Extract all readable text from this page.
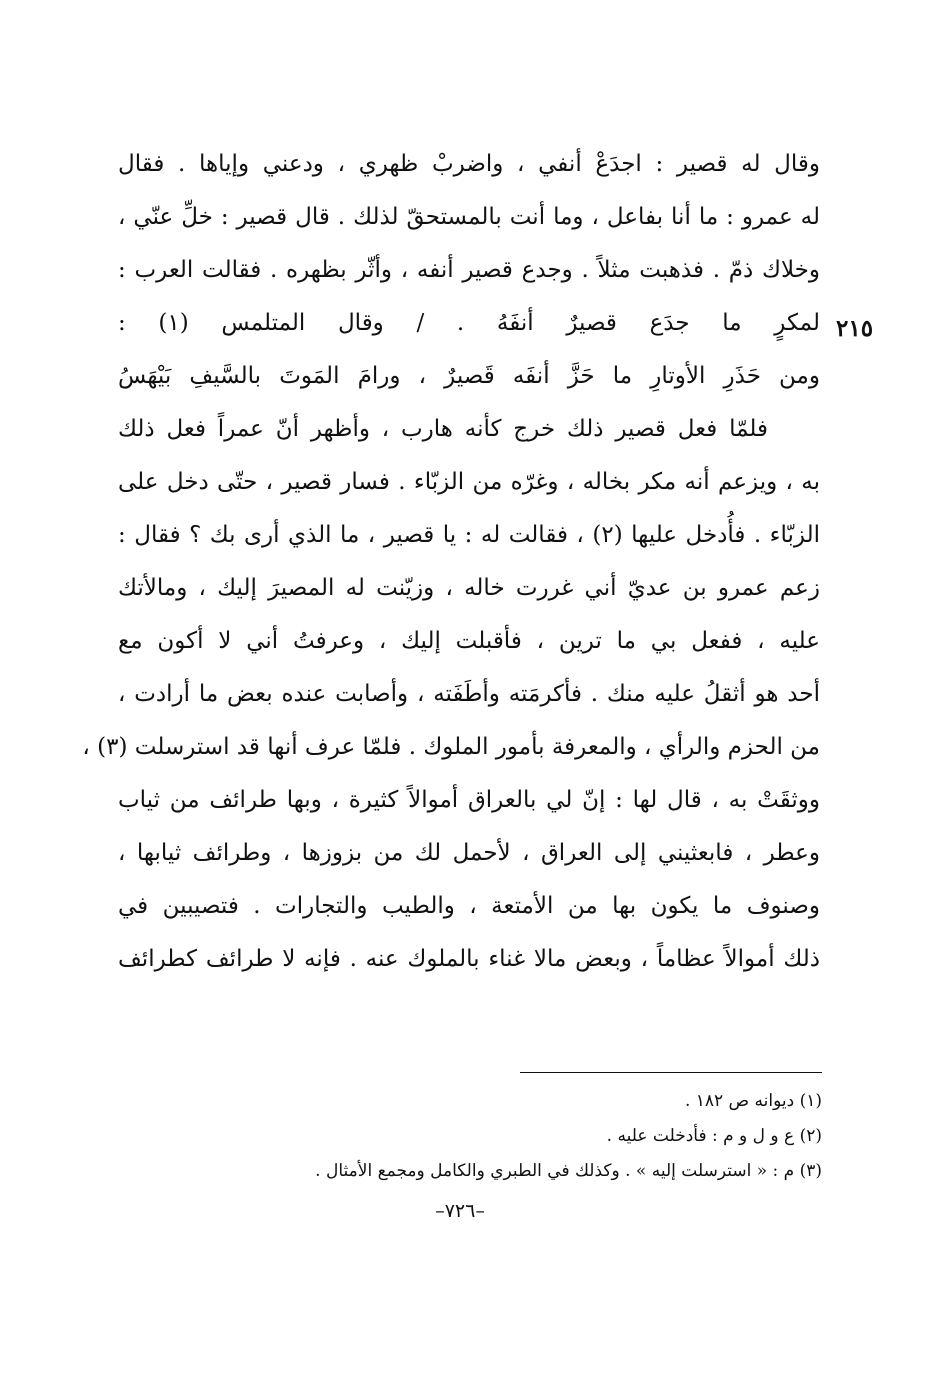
٢١٥
وقال له قصير : اجدَعْ أنفي ، واضربْ ظهري ، ودعني وإياها . فقال
له عمرو : ما أنا بفاعل ، وما أنت بالمستحقّ لذلك . قال قصير : خلِّ عنّي ،
وخلاك ذمّ . فذهبت مثلاً . وجدع قصير أنفه ، وأثّر بظهره . فقالت العرب :
لمكرٍ ما جدَع قصيرٌ أنفَهُ . / وقال المتلمس (١) :
ومن حَذَرِ الأوتارِ ما حَزَّ أنفَه قَصيرٌ ، ورامَ المَوتَ بالسَّيفِ بَيْهَسُ
فلمّا فعل قصير ذلك خرج كأنه هارب ، وأظهر أنّ عمراً فعل ذلك
به ، ويزعم أنه مكر بخاله ، وغرّه من الزبّاء . فسار قصير ، حتّى دخل على
الزبّاء . فأُدخل عليها (٢) ، فقالت له : يا قصير ، ما الذي أرى بك ؟ فقال :
زعم عمرو بن عديّ أني غررت خاله ، وزيّنت له المصيرَ إليك ، ومالأتك
عليه ، ففعل بي ما ترين ، فأقبلت إليك ، وعرفتُ أني لا أكون مع
أحد هو أثقلُ عليه منك . فأكرمَته وأطَفَته ، وأصابت عنده بعض ما أرادت ،
من الحزم والرأي ، والمعرفة بأمور الملوك . فلمّا عرف أنها قد استرسلت (٣) ،
ووثقَتْ به ، قال لها : إنّ لي بالعراق أموالاً كثيرة ، وبها طرائف من ثياب
وعطر ، فابعثيني إلى العراق ، لأحمل لك من بزوزها ، وطرائف ثيابها ،
وصنوف ما يكون بها من الأمتعة ، والطيب والتجارات . فتصيبين في
ذلك أموالاً عظاماً ، وبعض مالا غناء بالملوك عنه . فإنه لا طرائف كطرائف
(١) ديوانه ص ١٨٢ .
(٢) ع و ل و م : فأدخلت عليه .
(٣) م : « استرسلت إليه » . وكذلك في الطبري والكامل ومجمع الأمثال .
–٧٢٦–
